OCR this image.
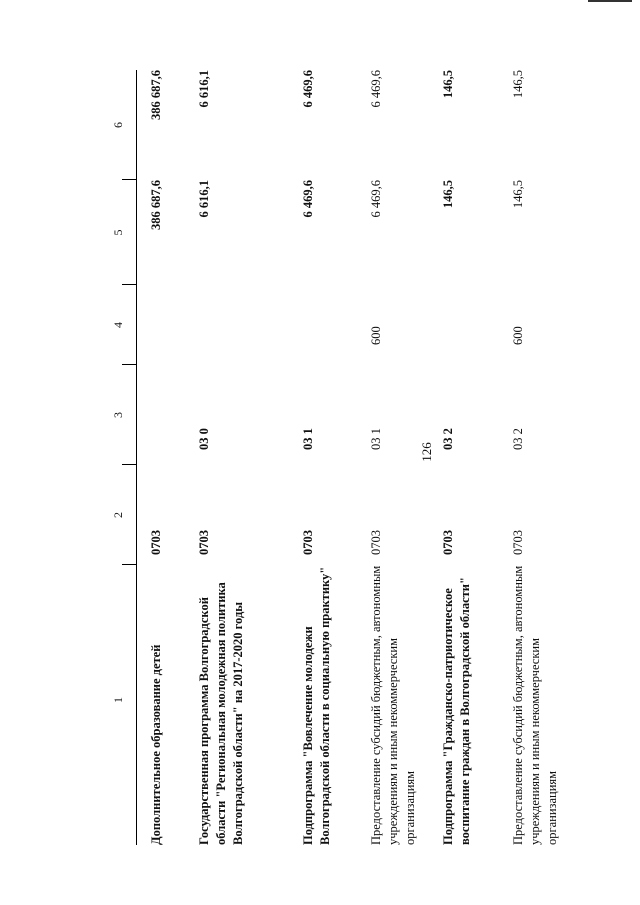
126
1
2
3
4
5
6
Дополнительное образование детей
0703
386 687,6
386 687,6
Государственная программа Волгоградской области "Региональная молодежная политика Волгоградской области" на 2017-2020 годы
0703
03 0
6 616,1
6 616,1
Подпрограмма "Вовлечение молодежи Волгоградской области в социальную практику"
0703
03 1
6 469,6
6 469,6
Предоставление субсидий бюджетным, автономным учреждениям и иным некоммерческим организациям
0703
03 1
600
6 469,6
6 469,6
Подпрограмма "Гражданско-патриотическое воспитание граждан в Волгоградской области"
0703
03 2
146,5
146,5
Предоставление субсидий бюджетным, автономным учреждениям и иным некоммерческим организациям
0703
03 2
600
146,5
146,5
